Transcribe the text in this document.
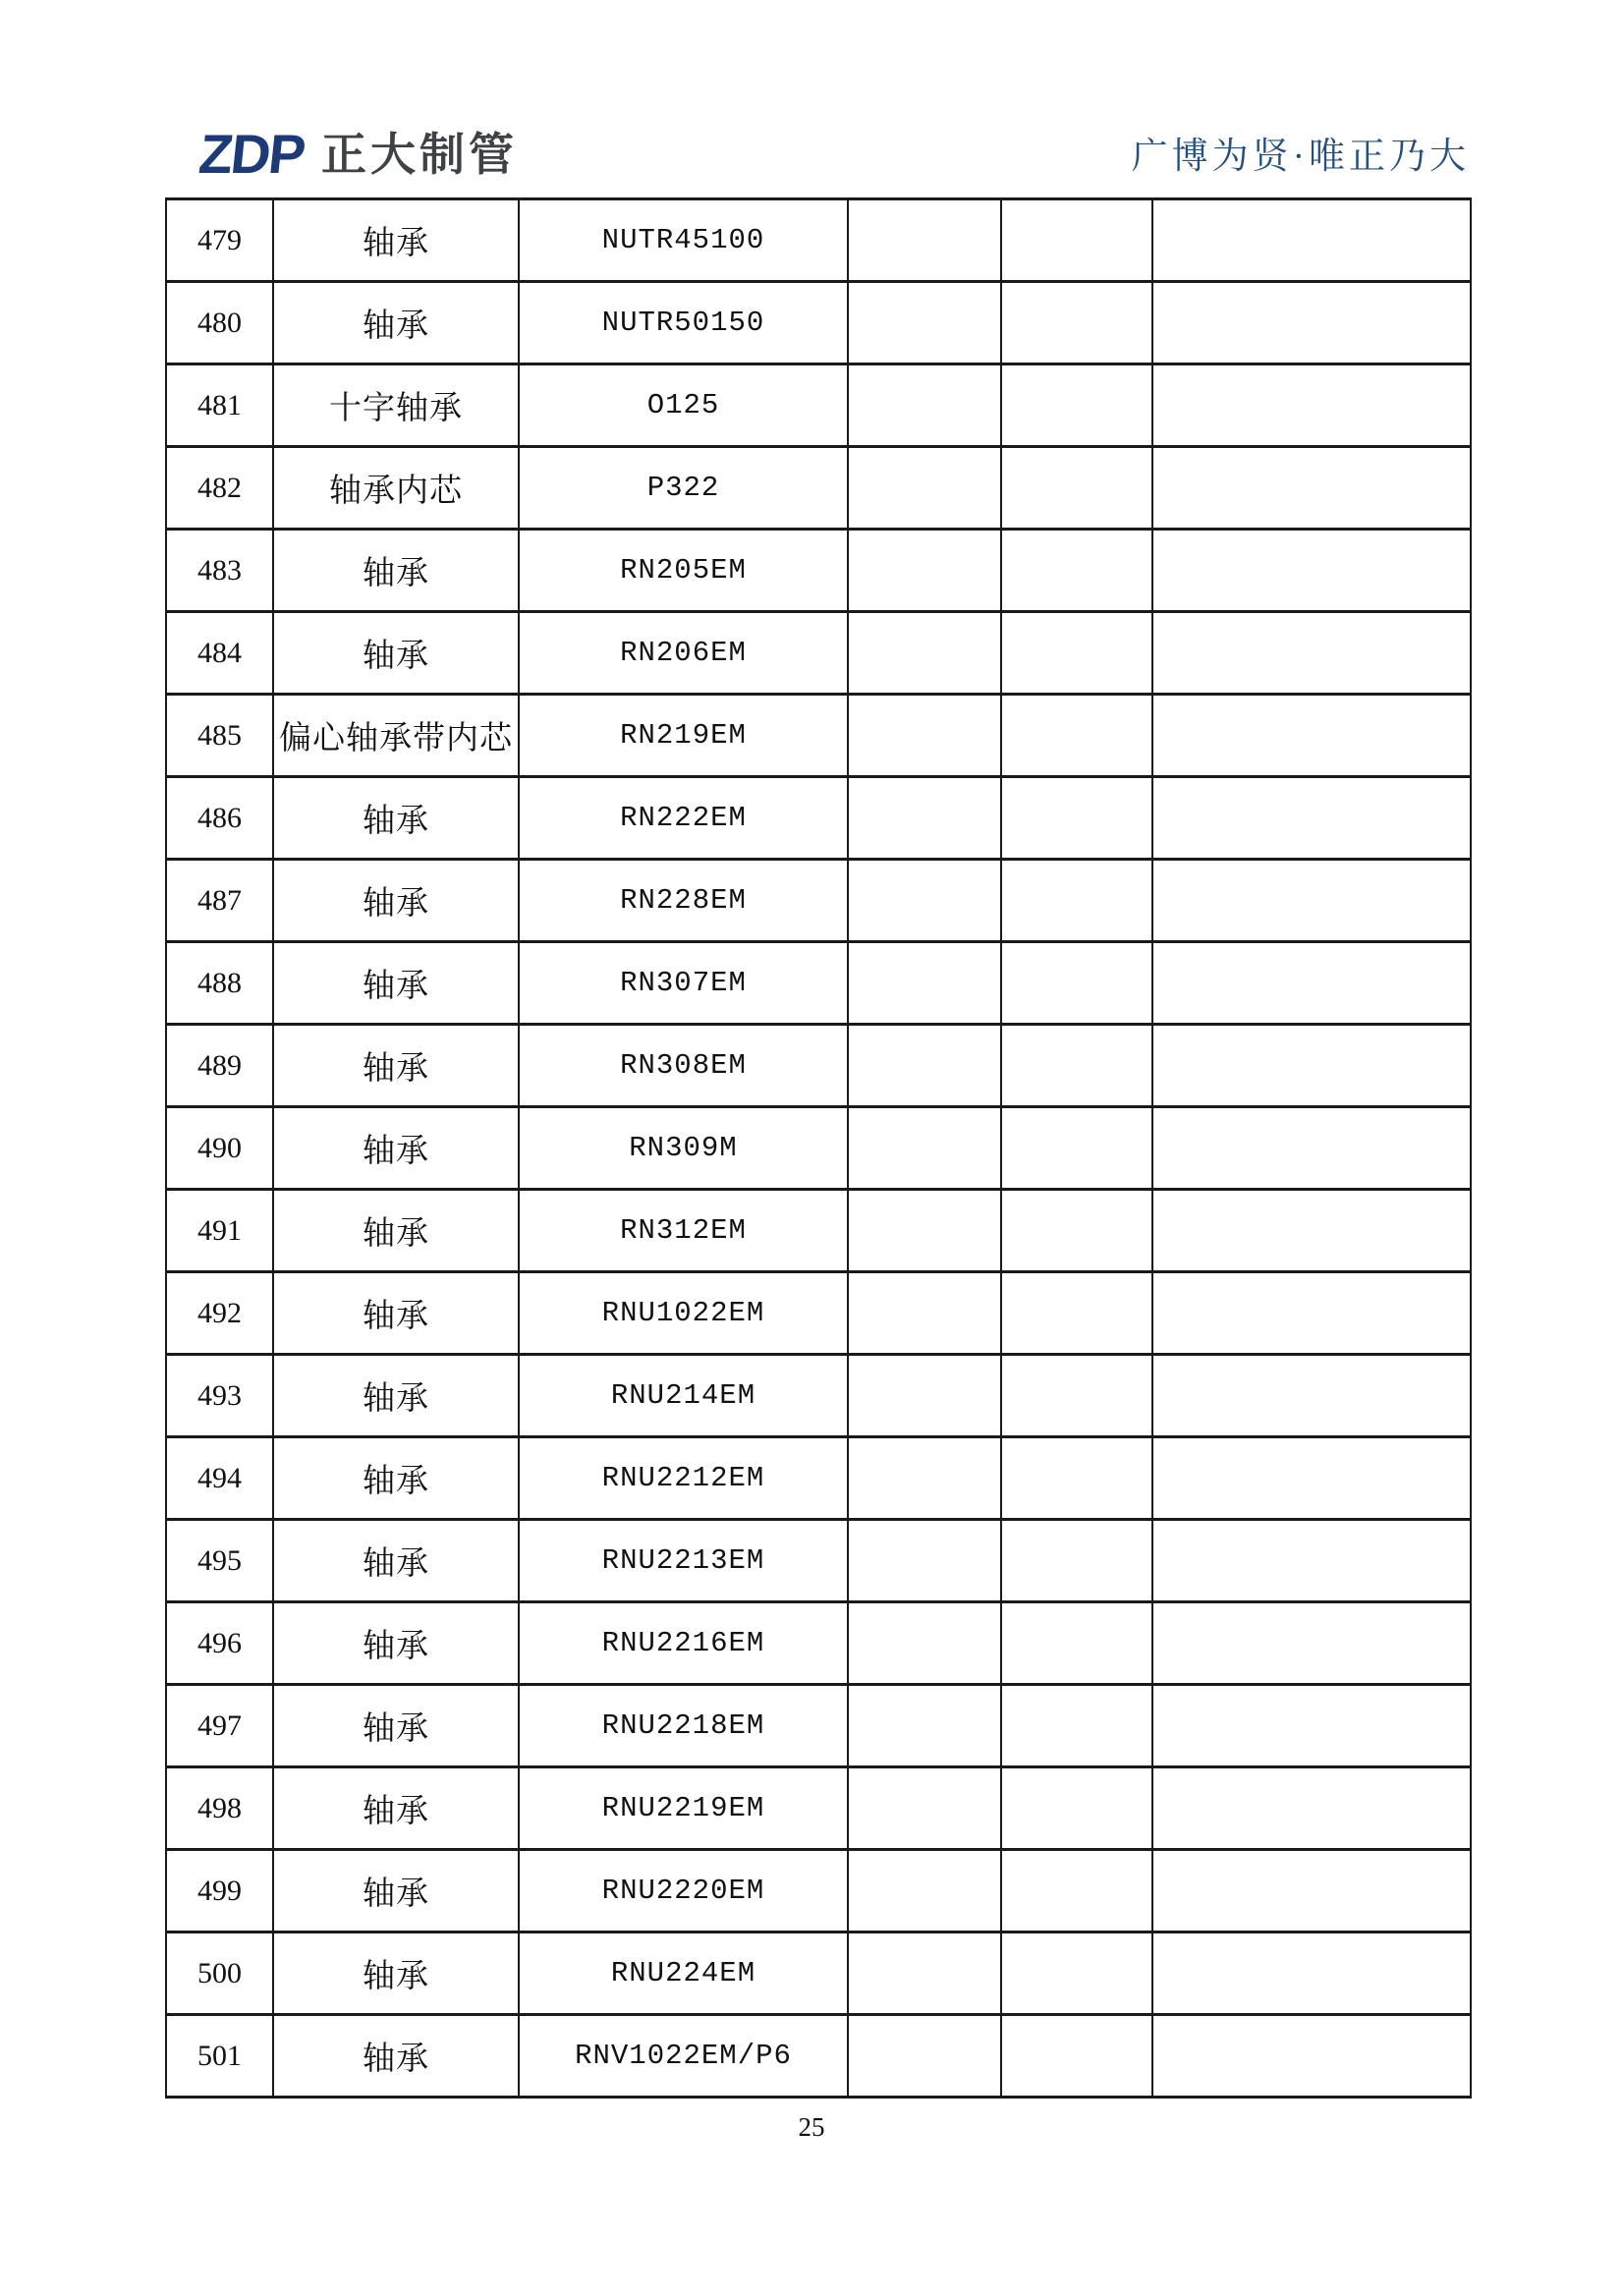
ZDP 正大制管	广博为贤·唯正乃大
479	轴承	NUTR45100			
480	轴承	NUTR50150			
481	十字轴承	O125			
482	轴承内芯	P322			
483	轴承	RN205EM			
484	轴承	RN206EM			
485	偏心轴承带内芯	RN219EM			
486	轴承	RN222EM			
487	轴承	RN228EM			
488	轴承	RN307EM			
489	轴承	RN308EM			
490	轴承	RN309M			
491	轴承	RN312EM			
492	轴承	RNU1022EM			
493	轴承	RNU214EM			
494	轴承	RNU2212EM			
495	轴承	RNU2213EM			
496	轴承	RNU2216EM			
497	轴承	RNU2218EM			
498	轴承	RNU2219EM			
499	轴承	RNU2220EM			
500	轴承	RNU224EM			
501	轴承	RNV1022EM/P6			
25
